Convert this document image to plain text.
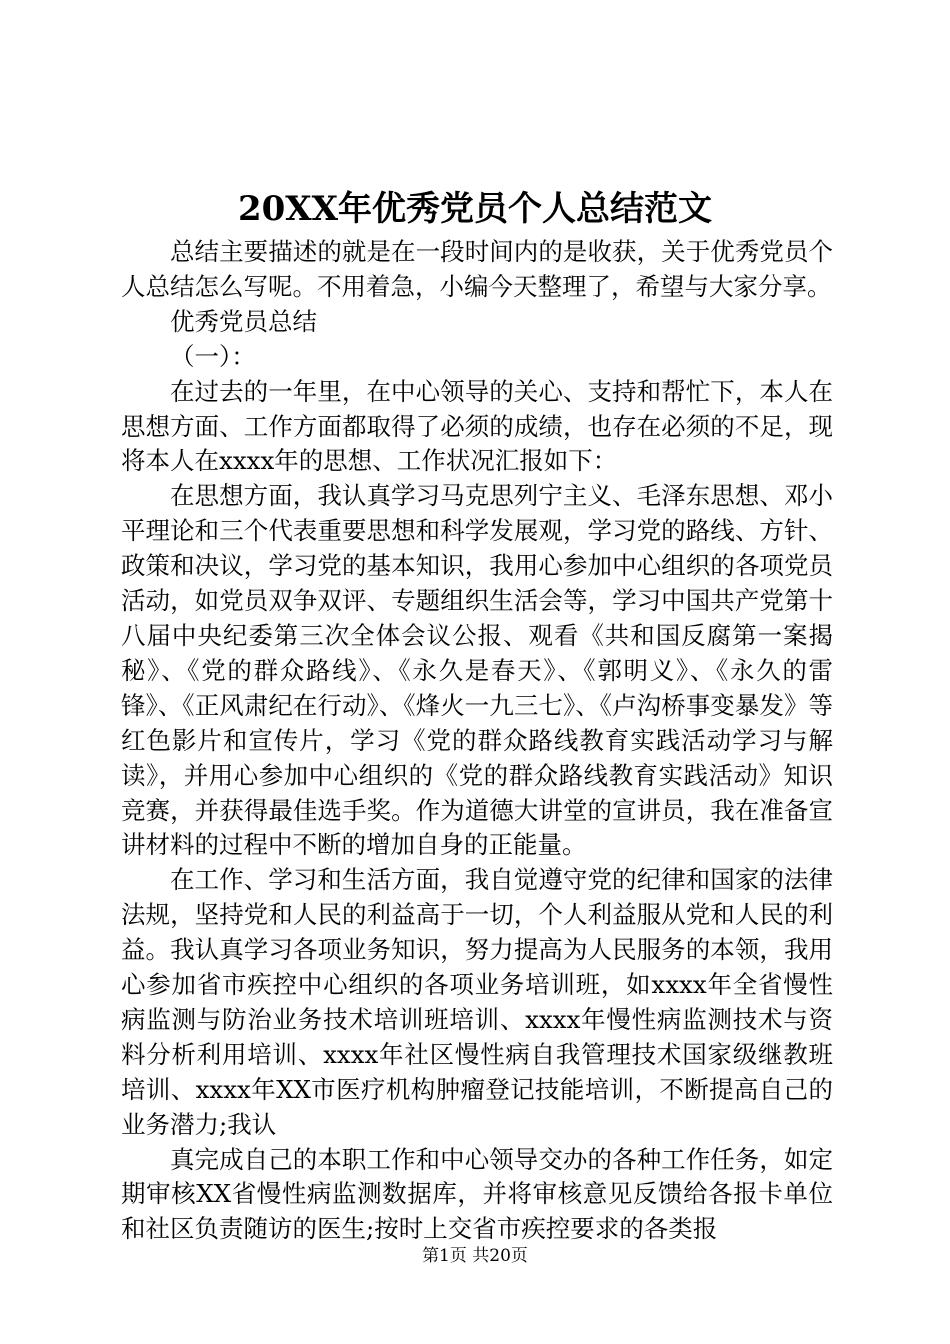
20XX年优秀党员个人总结范文

总结主要描述的就是在一段时间内的是收获，关于优秀党员个人总结怎么写呢。不用着急，小编今天整理了，希望与大家分享。

优秀党员总结

（一）：

在过去的一年里，在中心领导的关心、支持和帮忙下，本人在思想方面、工作方面都取得了必须的成绩，也存在必须的不足，现将本人在xxxx年的思想、工作状况汇报如下：

在思想方面，我认真学习马克思列宁主义、毛泽东思想、邓小平理论和三个代表重要思想和科学发展观，学习党的路线、方针、政策和决议，学习党的基本知识，我用心参加中心组织的各项党员活动，如党员双争双评、专题组织生活会等，学习中国共产党第十八届中央纪委第三次全体会议公报、观看《共和国反腐第一案揭秘》、《党的群众路线》、《永久是春天》、《郭明义》、《永久的雷锋》、《正风肃纪在行动》、《烽火一九三七》、《卢沟桥事变暴发》等红色影片和宣传片，学习《党的群众路线教育实践活动学习与解读》，并用心参加中心组织的《党的群众路线教育实践活动》知识竞赛，并获得最佳选手奖。作为道德大讲堂的宣讲员，我在准备宣讲材料的过程中不断的增加自身的正能量。

在工作、学习和生活方面，我自觉遵守党的纪律和国家的法律法规，坚持党和人民的利益高于一切，个人利益服从党和人民的利益。我认真学习各项业务知识，努力提高为人民服务的本领，我用心参加省市疾控中心组织的各项业务培训班，如xxxx年全省慢性病监测与防治业务技术培训班培训、xxxx年慢性病监测技术与资料分析利用培训、xxxx年社区慢性病自我管理技术国家级继教班培训、xxxx年XX市医疗机构肿瘤登记技能培训，不断提高自己的业务潜力;我认

真完成自己的本职工作和中心领导交办的各种工作任务，如定期审核XX省慢性病监测数据库，并将审核意见反馈给各报卡单位和社区负责随访的医生;按时上交省市疾控要求的各类报

第1页 共20页
